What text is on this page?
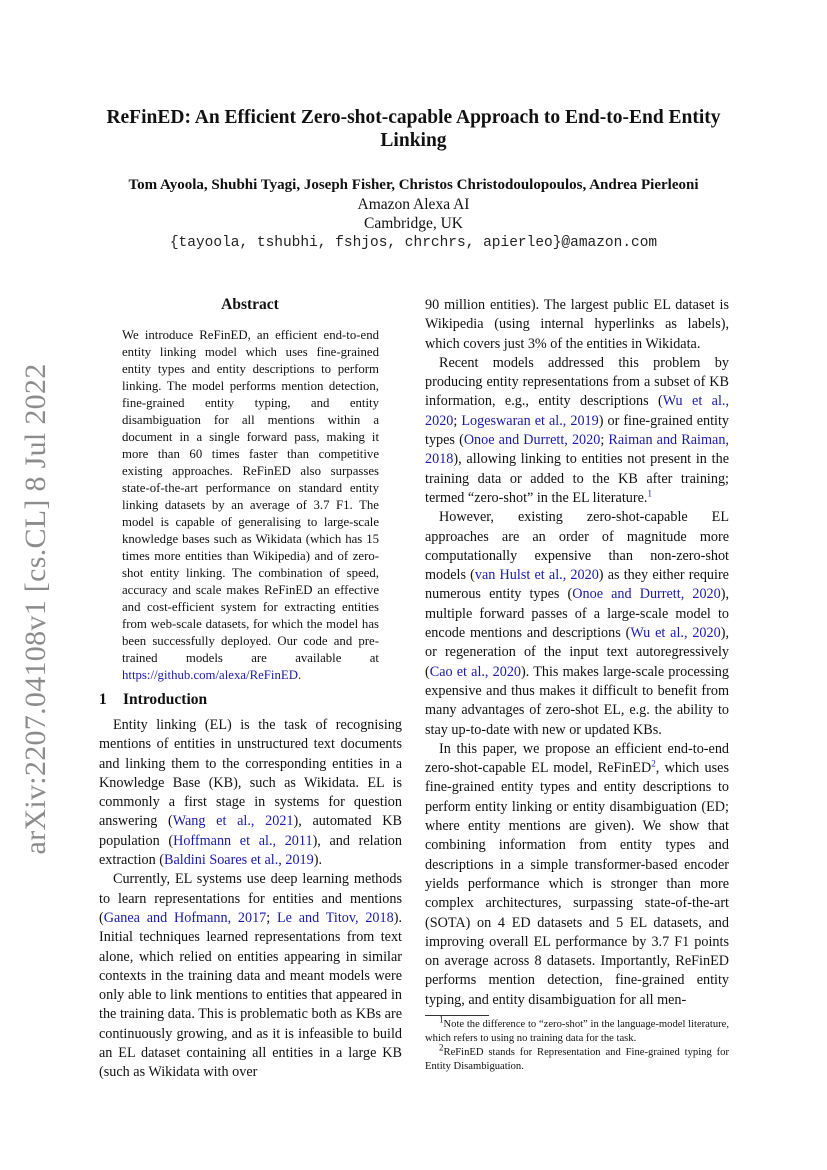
arXiv:2207.04108v1 [cs.CL] 8 Jul 2022
ReFinED: An Efficient Zero-shot-capable Approach to End-to-End Entity Linking
Tom Ayoola, Shubhi Tyagi, Joseph Fisher, Christos Christodoulopoulos, Andrea Pierleoni
Amazon Alexa AI
Cambridge, UK
{tayoola, tshubhi, fshjos, chrchrs, apierleo}@amazon.com
Abstract
We introduce ReFinED, an efficient end-to-end entity linking model which uses fine-grained entity types and entity descriptions to perform linking. The model performs mention detection, fine-grained entity typing, and entity disambiguation for all mentions within a document in a single forward pass, making it more than 60 times faster than competitive existing approaches. ReFinED also surpasses state-of-the-art performance on standard entity linking datasets by an average of 3.7 F1. The model is capable of generalising to large-scale knowledge bases such as Wikidata (which has 15 times more entities than Wikipedia) and of zero-shot entity linking. The combination of speed, accuracy and scale makes ReFinED an effective and cost-efficient system for extracting entities from web-scale datasets, for which the model has been successfully deployed. Our code and pre-trained models are available at https://github.com/alexa/ReFinED.
1 Introduction

Entity linking (EL) is the task of recognising mentions of entities in unstructured text documents and linking them to the corresponding entities in a Knowledge Base (KB), such as Wikidata. EL is commonly a first stage in systems for question answering (Wang et al., 2021), automated KB population (Hoffmann et al., 2011), and relation extraction (Baldini Soares et al., 2019).

Currently, EL systems use deep learning methods to learn representations for entities and mentions (Ganea and Hofmann, 2017; Le and Titov, 2018). Initial techniques learned representations from text alone, which relied on entities appearing in similar contexts in the training data and meant models were only able to link mentions to entities that appeared in the training data. This is problematic both as KBs are continuously growing, and as it is infeasible to build an EL dataset containing all entities in a large KB (such as Wikidata with over

90 million entities). The largest public EL dataset is Wikipedia (using internal hyperlinks as labels), which covers just 3% of the entities in Wikidata.

Recent models addressed this problem by producing entity representations from a subset of KB information, e.g., entity descriptions (Wu et al., 2020; Logeswaran et al., 2019) or fine-grained entity types (Onoe and Durrett, 2020; Raiman and Raiman, 2018), allowing linking to entities not present in the training data or added to the KB after training; termed “zero-shot” in the EL literature.$^1$

However, existing zero-shot-capable EL approaches are an order of magnitude more computationally expensive than non-zero-shot models (van Hulst et al., 2020) as they either require numerous entity types (Onoe and Durrett, 2020), multiple forward passes of a large-scale model to encode mentions and descriptions (Wu et al., 2020), or regeneration of the input text autoregressively (Cao et al., 2020). This makes large-scale processing expensive and thus makes it difficult to benefit from many advantages of zero-shot EL, e.g. the ability to stay up-to-date with new or updated KBs.

In this paper, we propose an efficient end-to-end zero-shot-capable EL model, ReFinED$^2$, which uses fine-grained entity types and entity descriptions to perform entity linking or entity disambiguation (ED; where entity mentions are given). We show that combining information from entity types and descriptions in a simple transformer-based encoder yields performance which is stronger than more complex architectures, surpassing state-of-the-art (SOTA) on 4 ED datasets and 5 EL datasets, and improving overall EL performance by 3.7 F1 points on average across 8 datasets. Importantly, ReFinED performs mention detection, fine-grained entity typing, and entity disambiguation for all men-

$^1$Note the difference to “zero-shot” in the language-model literature, which refers to using no training data for the task.
$^2$ReFinED stands for Representation and Fine-grained typing for Entity Disambiguation.
